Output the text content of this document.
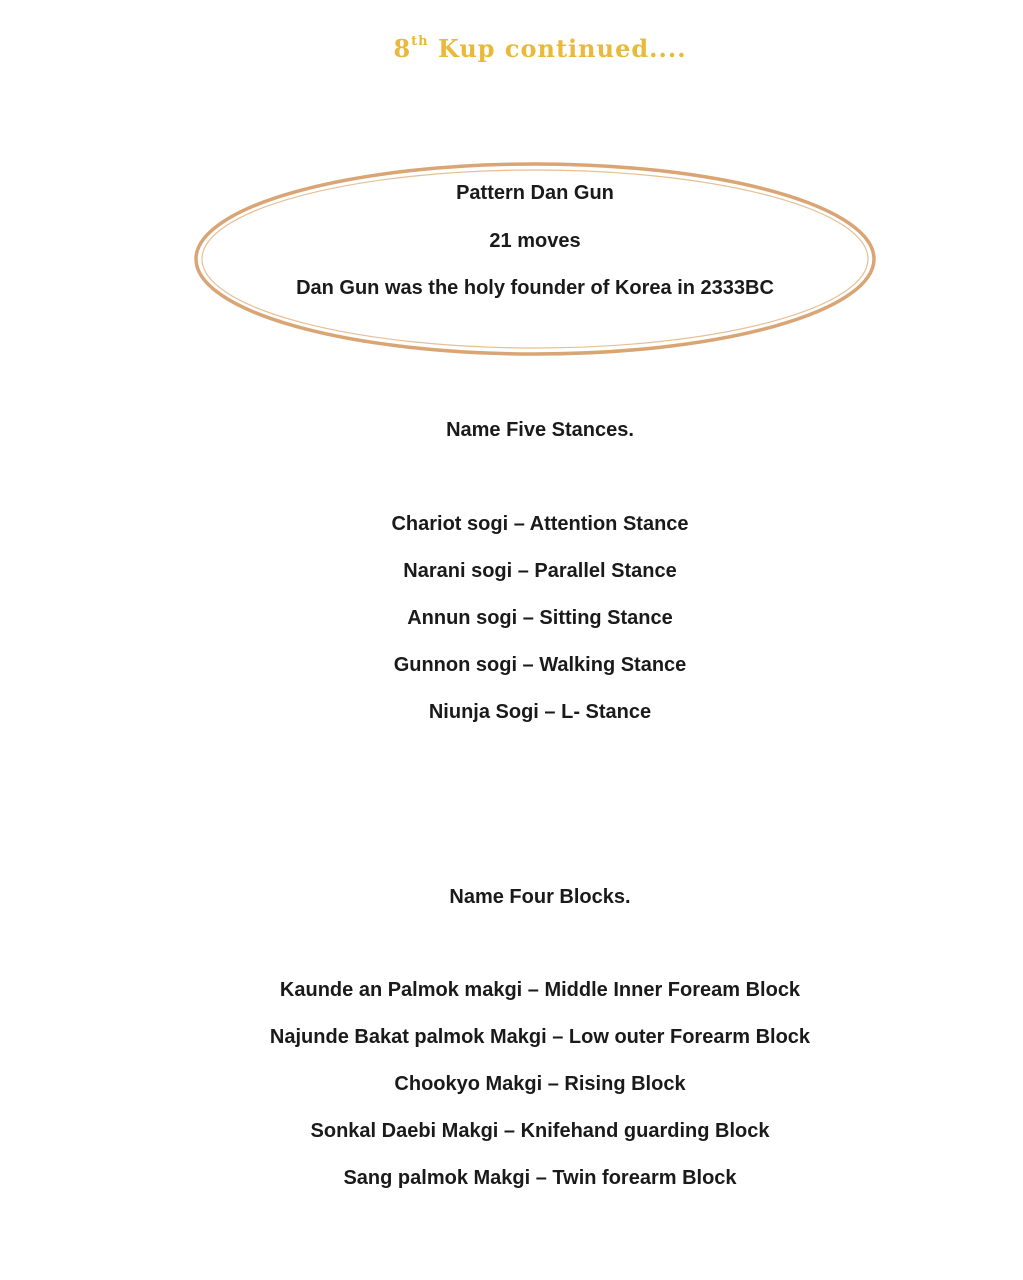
8th Kup continued....
Pattern Dan Gun
21 moves
Dan Gun was the holy founder of Korea in 2333BC
Name Five Stances.
Chariot sogi – Attention Stance
Narani sogi – Parallel Stance
Annun sogi – Sitting Stance
Gunnon sogi – Walking Stance
Niunja Sogi – L- Stance
Name Four Blocks.
Kaunde an Palmok makgi – Middle Inner Foream Block
Najunde Bakat palmok Makgi – Low outer Forearm Block
Chookyo Makgi – Rising Block
Sonkal Daebi Makgi – Knifehand guarding Block
Sang palmok Makgi – Twin forearm Block
